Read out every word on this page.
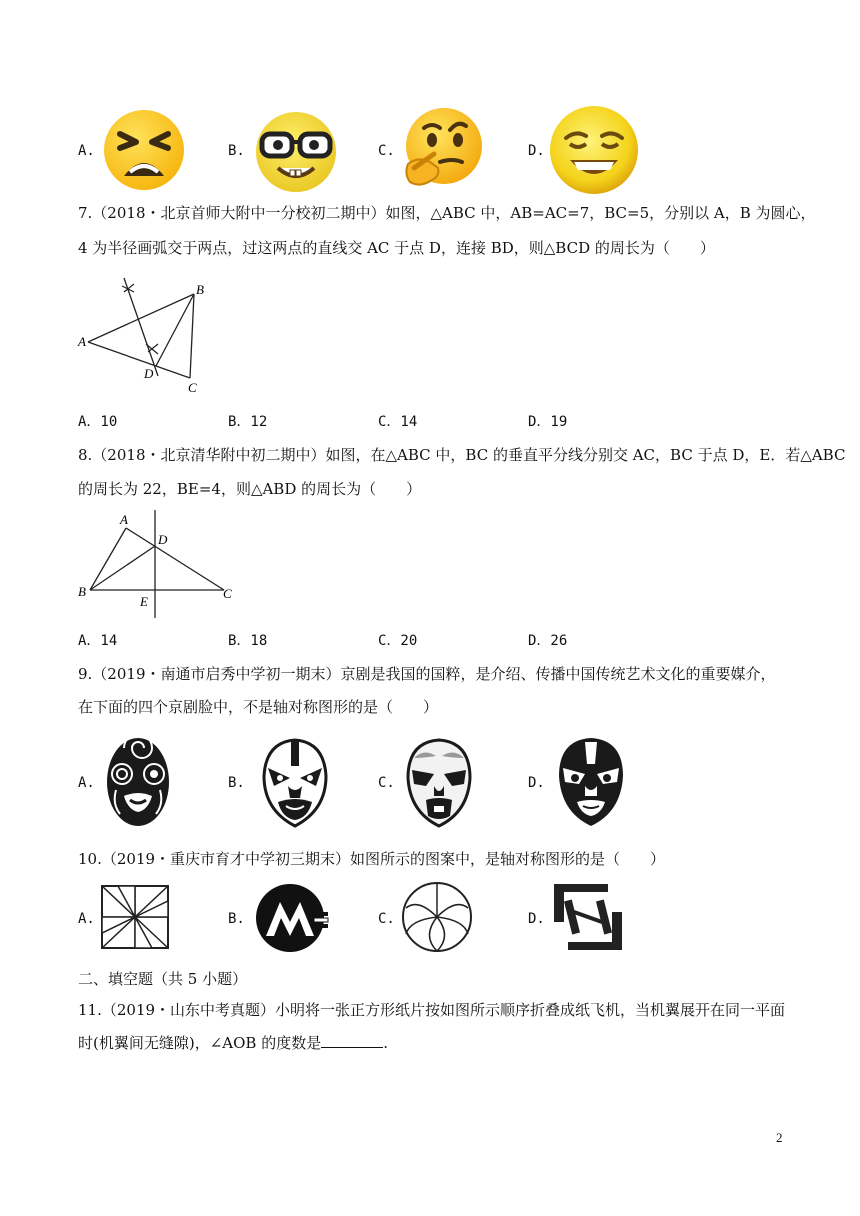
A.	B.	C.	D.
7.（2018・北京首师大附中一分校初二期中）如图，△ABC 中，AB=AC=7，BC=5，分别以 A，B 为圆心，
4 为半径画弧交于两点，过这两点的直线交 AC 于点 D，连接 BD，则△BCD 的周长为（　　）
A
B
C
D
A．10	B．12	C．14	D．19
8.（2018・北京清华附中初二期中）如图，在△ABC 中，BC 的垂直平分线分别交 AC，BC 于点 D，E．若△ABC
的周长为 22，BE=4，则△ABD 的周长为（　　）
A
B	C
D
E
A．14	B．18	C．20	D．26
9.（2019・南通市启秀中学初一期末）京剧是我国的国粹，是介绍、传播中国传统艺术文化的重要媒介，
在下面的四个京剧脸中，不是轴对称图形的是（　　）
A.	B.	C.	D.
10.（2019・重庆市育才中学初三期末）如图所示的图案中，是轴对称图形的是（　　）
A.	B.	C.	D.
二、填空题（共 5 小题）
11.（2019・山东中考真题）小明将一张正方形纸片按如图所示顺序折叠成纸飞机，当机翼展开在同一平面
时(机翼间无缝隙)，∠AOB 的度数是	.
2
